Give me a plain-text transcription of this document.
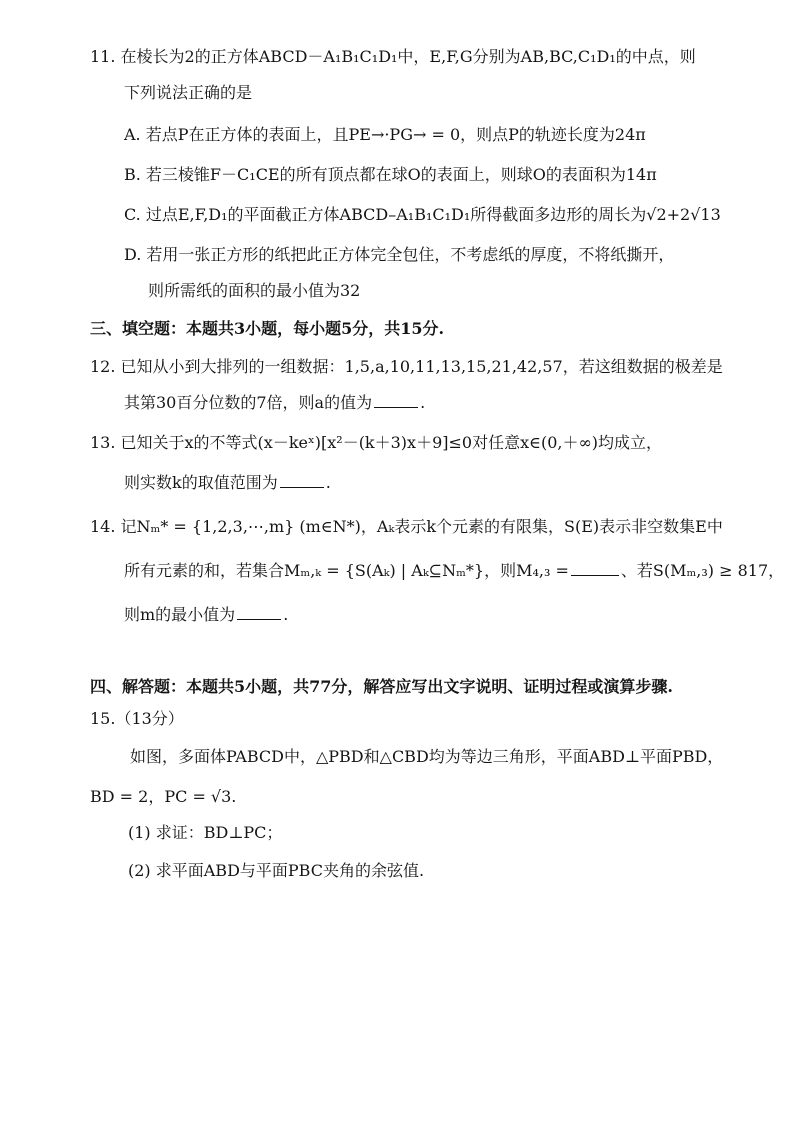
11. 在棱长为2的正方体ABCD－A₁B₁C₁D₁中，E,F,G分别为AB,BC,C₁D₁的中点，则
下列说法正确的是
A. 若点P在正方体的表面上，且PE→·PG→ = 0，则点P的轨迹长度为24π
B. 若三棱锥F－C₁CE的所有顶点都在球O的表面上，则球O的表面积为14π
C. 过点E,F,D₁的平面截正方体ABCD–A₁B₁C₁D₁所得截面多边形的周长为√2+2√13
D. 若用一张正方形的纸把此正方体完全包住，不考虑纸的厚度，不将纸撕开，
则所需纸的面积的最小值为32
三、填空题：本题共3小题，每小题5分，共15分.
12. 已知从小到大排列的一组数据：1,5,a,10,11,13,15,21,42,57，若这组数据的极差是
其第30百分位数的7倍，则a的值为	.
13. 已知关于x的不等式(x－keˣ)[x²－(k＋3)x＋9]≤0对任意x∈(0,＋∞)均成立，
则实数k的取值范围为	.
14. 记Nₘ* = {1,2,3,⋯,m} (m∈N*)，Aₖ表示k个元素的有限集，S(E)表示非空数集E中
所有元素的和，若集合Mₘ,ₖ = {S(Aₖ) | Aₖ⊆Nₘ*}，则M₄,₃ =	、若S(Mₘ,₃) ≥ 817，
则m的最小值为	.
四、解答题：本题共5小题，共77分，解答应写出文字说明、证明过程或演算步骤.
15.（13分）
如图，多面体PABCD中，△PBD和△CBD均为等边三角形，平面ABD⊥平面PBD，
BD = 2，PC = √3.
(1) 求证：BD⊥PC；
(2) 求平面ABD与平面PBC夹角的余弦值.
